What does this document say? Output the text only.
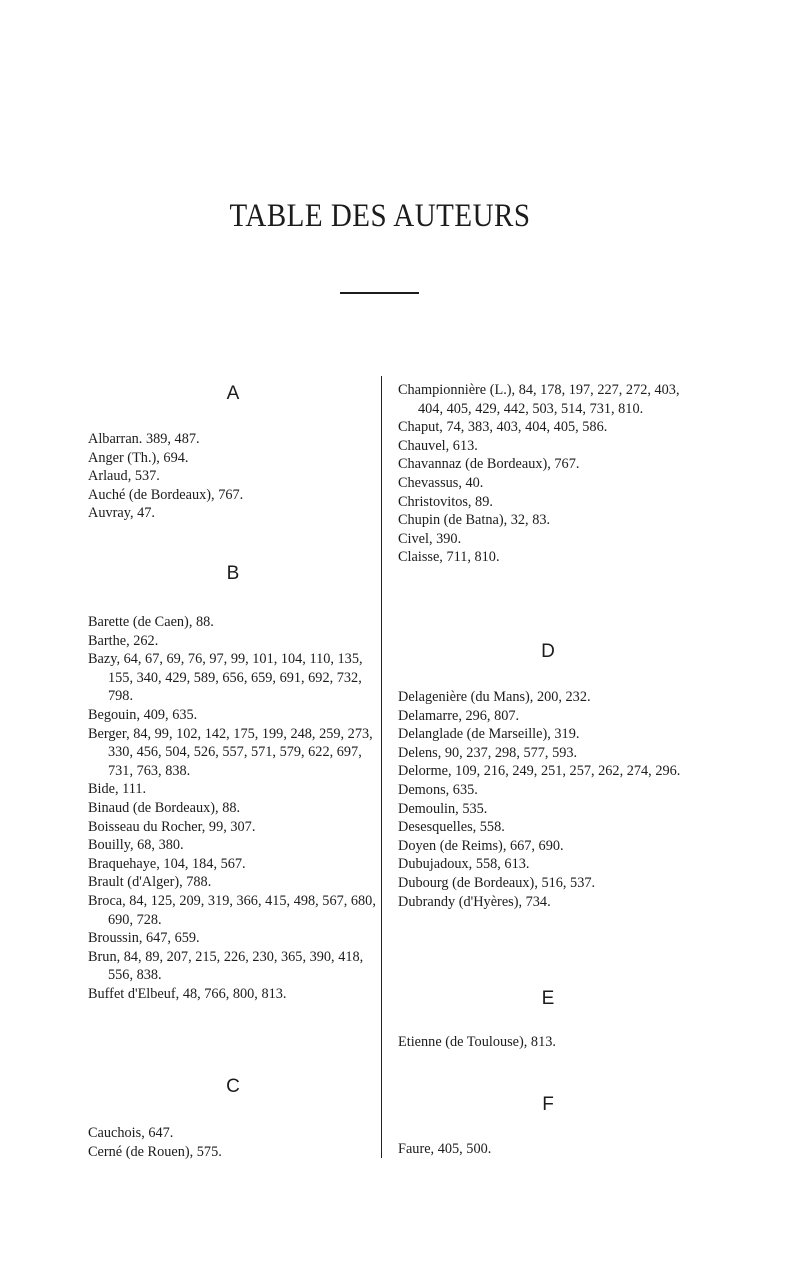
TABLE DES AUTEURS
A
Albarran. 389, 487.
Anger (Th.), 694.
Arlaud, 537.
Auché (de Bordeaux), 767.
Auvray, 47.
B
Barette (de Caen), 88.
Barthe, 262.
Bazy, 64, 67, 69, 76, 97, 99, 101, 104, 110, 135, 155, 340, 429, 589, 656, 659, 691, 692, 732, 798.
Begouin, 409, 635.
Berger, 84, 99, 102, 142, 175, 199, 248, 259, 273, 330, 456, 504, 526, 557, 571, 579, 622, 697, 731, 763, 838.
Bide, 111.
Binaud (de Bordeaux), 88.
Boisseau du Rocher, 99, 307.
Bouilly, 68, 380.
Braquehaye, 104, 184, 567.
Brault (d'Alger), 788.
Broca, 84, 125, 209, 319, 366, 415, 498, 567, 680, 690, 728.
Broussin, 647, 659.
Brun, 84, 89, 207, 215, 226, 230, 365, 390, 418, 556, 838.
Buffet d'Elbeuf, 48, 766, 800, 813.
C
Cauchois, 647.
Cerné (de Rouen), 575.
Championnière (L.), 84, 178, 197, 227, 272, 403, 404, 405, 429, 442, 503, 514, 731, 810.
Chaput, 74, 383, 403, 404, 405, 586.
Chauvel, 613.
Chavannaz (de Bordeaux), 767.
Chevassus, 40.
Christovitos, 89.
Chupin (de Batna), 32, 83.
Civel, 390.
Claisse, 711, 810.
D
Delagenière (du Mans), 200, 232.
Delamarre, 296, 807.
Delanglade (de Marseille), 319.
Delens, 90, 237, 298, 577, 593.
Delorme, 109, 216, 249, 251, 257, 262, 274, 296.
Demons, 635.
Demoulin, 535.
Desesquelles, 558.
Doyen (de Reims), 667, 690.
Dubujadoux, 558, 613.
Dubourg (de Bordeaux), 516, 537.
Dubrandy (d'Hyères), 734.
E
Etienne (de Toulouse), 813.
F
Faure, 405, 500.
